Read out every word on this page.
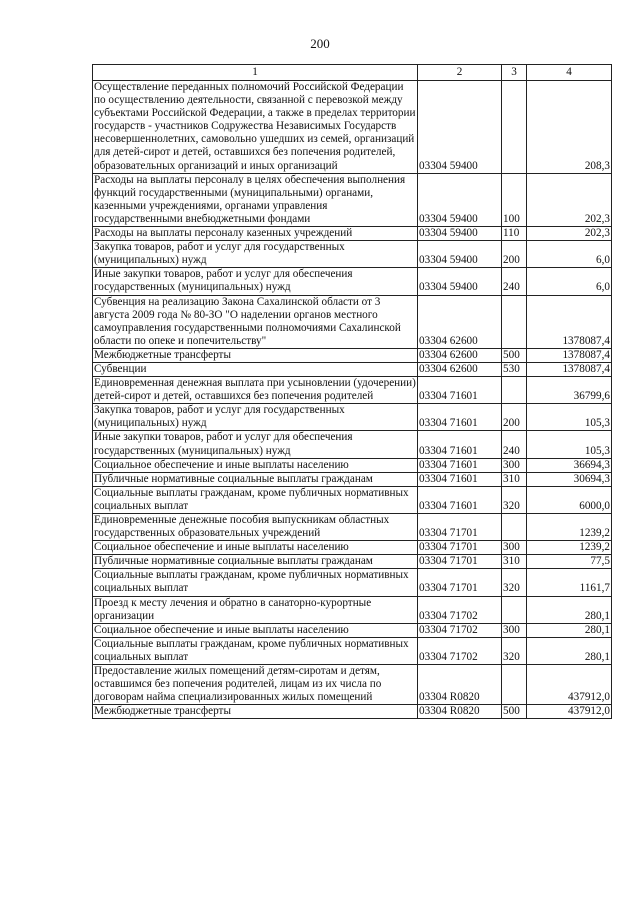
200
1	2	3	4
Осуществление переданных полномочий Российской Федерации по осуществлению деятельности, связанной с перевозкой между субъектами Российской Федерации, а также в пределах территории государств - участников Содружества Независимых Государств несовершеннолетних, самовольно ушедших из семей, организаций для детей-сирот и детей, оставшихся без попечения родителей, образовательных организаций и иных организаций	03304 59400		208,3
Расходы на выплаты персоналу в целях обеспечения выполнения функций государственными (муниципальными) органами, казенными учреждениями, органами управления государственными внебюджетными фондами	03304 59400	100	202,3
Расходы на выплаты персоналу казенных учреждений	03304 59400	110	202,3
Закупка товаров, работ и услуг для государственных (муниципальных) нужд	03304 59400	200	6,0
Иные закупки товаров, работ и услуг для обеспечения государственных (муниципальных) нужд	03304 59400	240	6,0
Субвенция на реализацию Закона Сахалинской области от 3 августа 2009 года № 80-ЗО "О наделении органов местного самоуправления государственными полномочиями Сахалинской области по опеке и попечительству"	03304 62600		1378087,4
Межбюджетные трансферты	03304 62600	500	1378087,4
Субвенции	03304 62600	530	1378087,4
Единовременная денежная выплата при усыновлении (удочерении) детей-сирот и детей, оставшихся без попечения родителей	03304 71601		36799,6
Закупка товаров, работ и услуг для государственных (муниципальных) нужд	03304 71601	200	105,3
Иные закупки товаров, работ и услуг для обеспечения государственных (муниципальных) нужд	03304 71601	240	105,3
Социальное обеспечение и иные выплаты населению	03304 71601	300	36694,3
Публичные нормативные социальные выплаты гражданам	03304 71601	310	30694,3
Социальные выплаты гражданам, кроме публичных нормативных социальных выплат	03304 71601	320	6000,0
Единовременные денежные пособия выпускникам областных государственных образовательных учреждений	03304 71701		1239,2
Социальное обеспечение и иные выплаты населению	03304 71701	300	1239,2
Публичные нормативные социальные выплаты гражданам	03304 71701	310	77,5
Социальные выплаты гражданам, кроме публичных нормативных социальных выплат	03304 71701	320	1161,7
Проезд к месту лечения и обратно в санаторно-курортные организации	03304 71702		280,1
Социальное обеспечение и иные выплаты населению	03304 71702	300	280,1
Социальные выплаты гражданам, кроме публичных нормативных социальных выплат	03304 71702	320	280,1
Предоставление жилых помещений детям-сиротам и детям, оставшимся без попечения родителей, лицам из их числа по договорам найма специализированных жилых помещений	03304 R0820		437912,0
Межбюджетные трансферты	03304 R0820	500	437912,0
